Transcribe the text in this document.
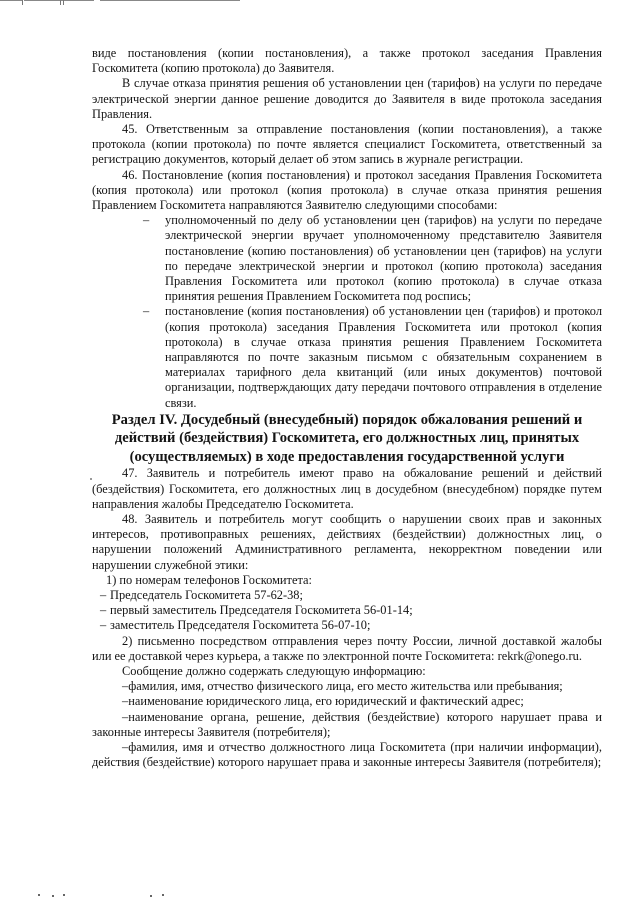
виде постановления (копии постановления), а также протокол заседания Правления Госкомитета (копию протокола) до Заявителя.

В случае отказа принятия решения об установлении цен (тарифов) на услуги по передаче электрической энергии данное решение доводится до Заявителя в виде протокола заседания Правления.

45. Ответственным за отправление постановления (копии постановления), а также протокола (копии протокола) по почте является специалист Госкомитета, ответственный за регистрацию документов, который делает об этом запись в журнале регистрации.

46. Постановление (копия постановления) и протокол заседания Правления Госкомитета (копия протокола) или протокол (копия протокола) в случае отказа принятия решения Правлением Госкомитета направляются Заявителю следующими способами:

– уполномоченный по делу об установлении цен (тарифов) на услуги по передаче электрической энергии вручает уполномоченному представителю Заявителя постановление (копию постановления) об установлении цен (тарифов) на услуги по передаче электрической энергии и протокол (копию протокола) заседания Правления Госкомитета или протокол (копию протокола) в случае отказа принятия решения Правлением Госкомитета под роспись;
– постановление (копия постановления) об установлении цен (тарифов) и протокол (копия протокола) заседания Правления Госкомитета или протокол (копия протокола) в случае отказа принятия решения Правлением Госкомитета направляются по почте заказным письмом с обязательным сохранением в материалах тарифного дела квитанций (или иных документов) почтовой организации, подтверждающих дату передачи почтового отправления в отделение связи.

Раздел IV. Досудебный (внесудебный) порядок обжалования решений и действий (бездействия) Госкомитета, его должностных лиц, принятых (осуществляемых) в ходе предоставления государственной услуги

47. Заявитель и потребитель имеют право на обжалование решений и действий (бездействия) Госкомитета, его должностных лиц в досудебном (внесудебном) порядке путем направления жалобы Председателю Госкомитета.

48. Заявитель и потребитель могут сообщить о нарушении своих прав и законных интересов, противоправных решениях, действиях (бездействии) должностных лиц, о нарушении положений Административного регламента, некорректном поведении или нарушении служебной этики:

1) по номерам телефонов Госкомитета:

– Председатель Госкомитета 57-62-38;
– первый заместитель Председателя Госкомитета 56-01-14;
– заместитель Председателя Госкомитета 56-07-10;

2) письменно посредством отправления через почту России, личной доставкой жалобы или ее доставкой через курьера, а также по электронной почте Госкомитета: rekrk@onego.ru.

Сообщение должно содержать следующую информацию:

–фамилия, имя, отчество физического лица, его место жительства или пребывания;

–наименование юридического лица, его юридический и фактический адрес;

–наименование органа, решение, действия (бездействие) которого нарушает права и законные интересы Заявителя (потребителя);

–фамилия, имя и отчество должностного лица Госкомитета (при наличии информации), действия (бездействие) которого нарушает права и законные интересы Заявителя (потребителя);
